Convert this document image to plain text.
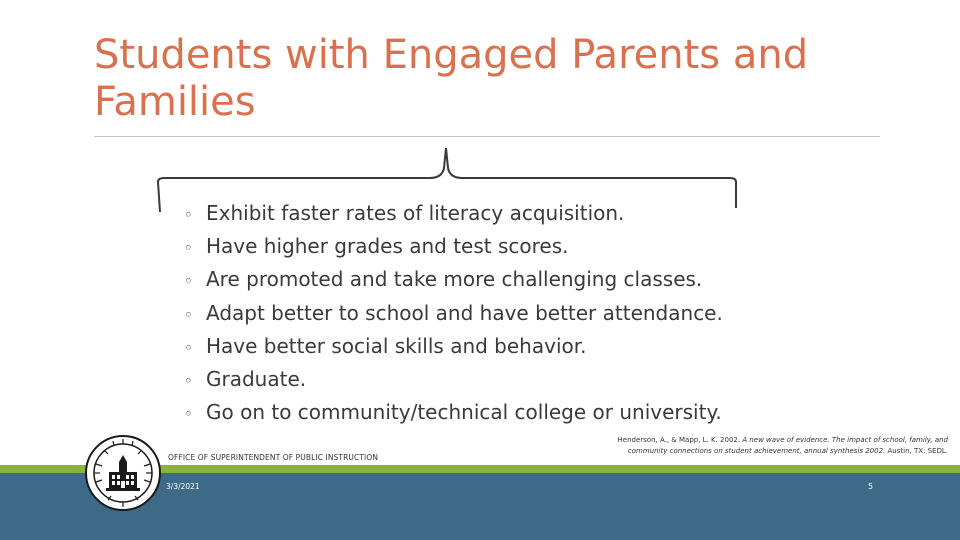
Students with Engaged Parents and
Families
◦ Exhibit faster rates of literacy acquisition.
◦ Have higher grades and test scores.
◦ Are promoted and take more challenging classes.
◦ Adapt better to school and have better attendance.
◦ Have better social skills and behavior.
◦ Graduate.
◦ Go on to community/technical college or university.
Henderson, A., & Mapp, L. K. 2002. A new wave of evidence. The impact of school, family, and community connections on student achievement, annual synthesis 2002. Austin, TX: SEDL.
OFFICE OF SUPERINTENDENT OF PUBLIC INSTRUCTION
3/3/2021	5
